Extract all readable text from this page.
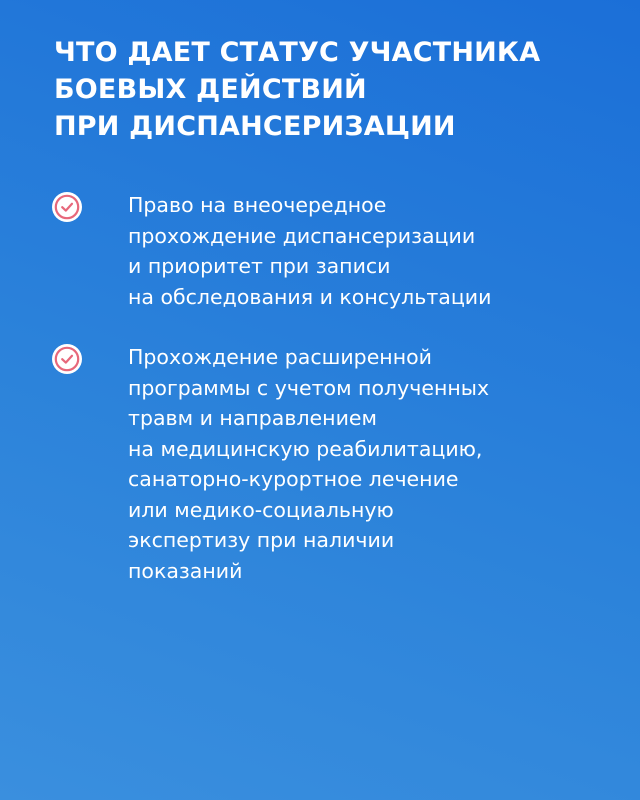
ЧТО ДАЕТ СТАТУС УЧАСТНИКА
БОЕВЫХ ДЕЙСТВИЙ
ПРИ ДИСПАНСЕРИЗАЦИИ
Право на внеочередное
прохождение диспансеризации
и приоритет при записи
на обследования и консультации
Прохождение расширенной
программы с учетом полученных
травм и направлением
на медицинскую реабилитацию,
санаторно-курортное лечение
или медико-социальную
экспертизу при наличии
показаний
